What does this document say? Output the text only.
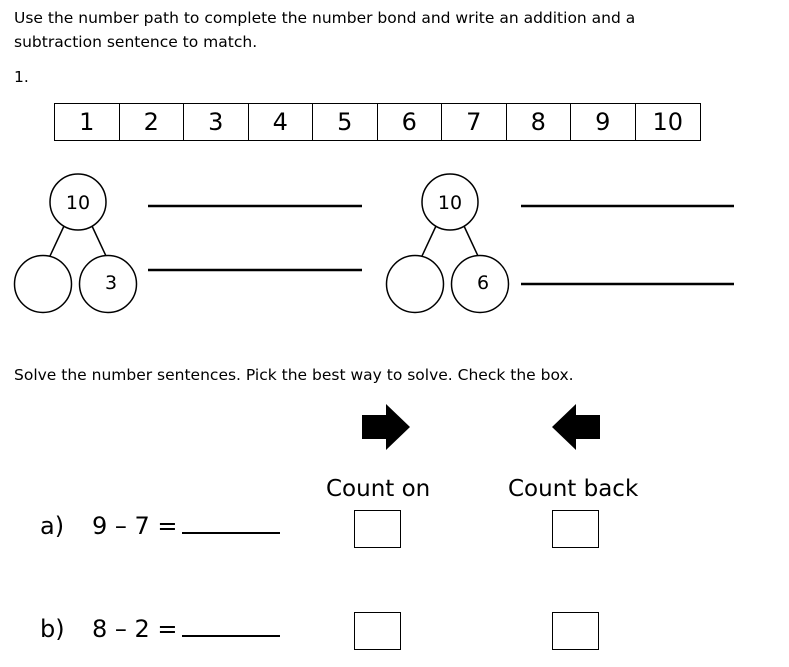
Use the number path to complete the number bond and write an addition and a subtraction sentence to match.
1.
1	2	3	4	5	6	7	8	9	10
10
3
10
6
Solve the number sentences. Pick the best way to solve. Check the box.
Count on	Count back
a) 9 – 7 =
b) 8 – 2 =
